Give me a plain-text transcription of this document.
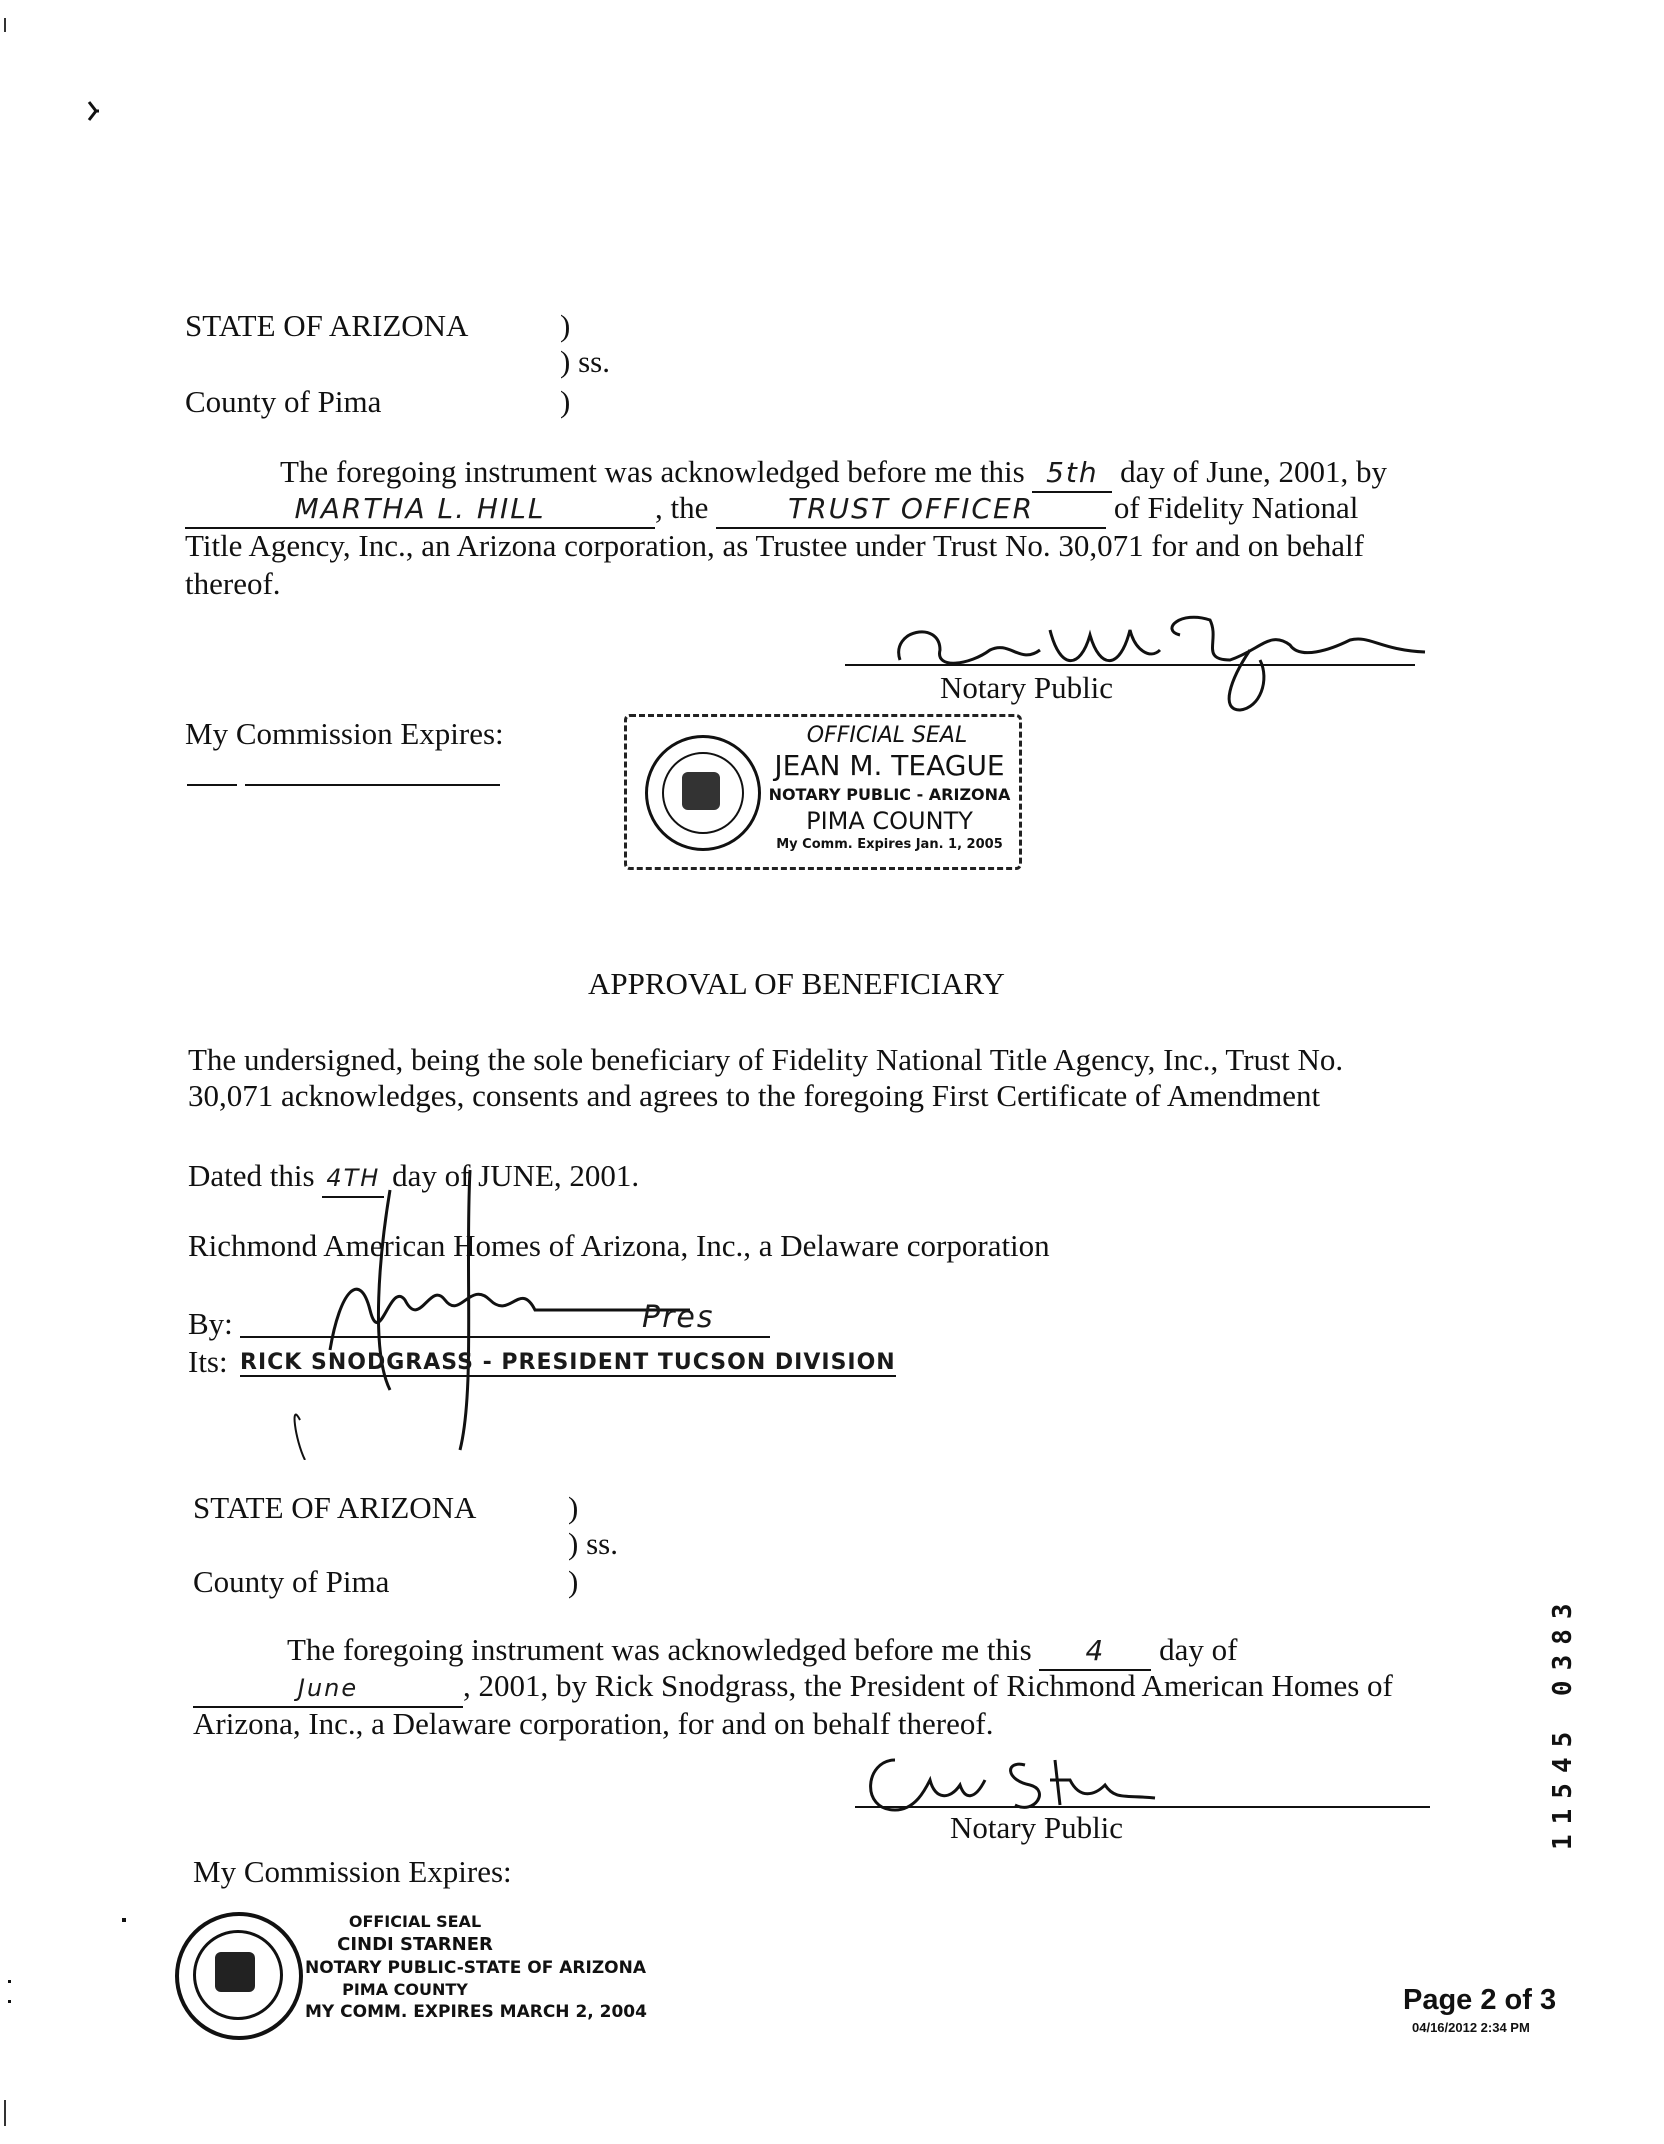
STATE OF ARIZONA	)
) ss.
County of Pima	)
The foregoing instrument was acknowledged before me this 5th day of June, 2001, by
MARTHA L. HILL	, the	TRUST OFFICER	of Fidelity National
Title Agency, Inc., an Arizona corporation, as Trustee under Trust No. 30,071 for and on behalf
thereof.
Notary Public
My Commission Expires:	OFFICIAL SEAL
JEAN M. TEAGUE
NOTARY PUBLIC - ARIZONA
PIMA COUNTY
My Comm. Expires Jan. 1, 2005
APPROVAL OF BENEFICIARY
The undersigned, being the sole beneficiary of Fidelity National Title Agency, Inc., Trust No.
30,071 acknowledges, consents and agrees to the foregoing First Certificate of Amendment
Dated this 4TH day of JUNE, 2001.
Richmond American Homes of Arizona, Inc., a Delaware corporation
Pres
By:
Its: RICK SNODGRASS - PRESIDENT TUCSON DIVISION
STATE OF ARIZONA	)
) ss.
County of Pima	)
The foregoing instrument was acknowledged before me this 4 day of
June	, 2001, by Rick Snodgrass, the President of Richmond American Homes of
Arizona, Inc., a Delaware corporation, for and on behalf thereof.
Notary Public
My Commission Expires:
OFFICIAL SEAL
CINDI STARNER
NOTARY PUBLIC-STATE OF ARIZONA
PIMA COUNTY
MY COMM. EXPIRES MARCH 2, 2004
11545 0383
Page 2 of 3
04/16/2012 2:34 PM
